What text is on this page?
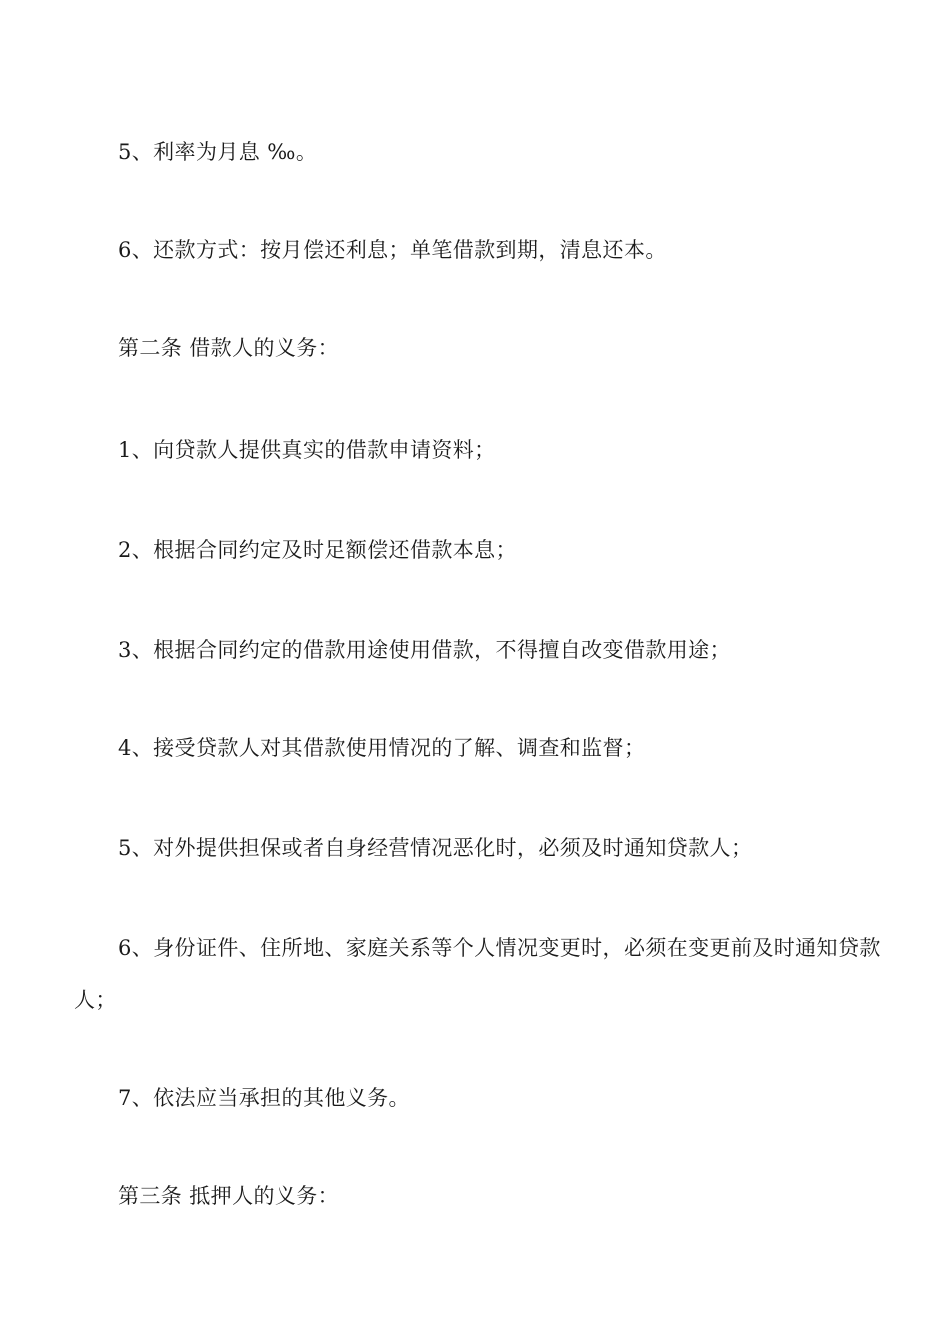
5、利率为月息 ‰。

6、还款方式：按月偿还利息；单笔借款到期，清息还本。

第二条 借款人的义务：

1、向贷款人提供真实的借款申请资料；

2、根据合同约定及时足额偿还借款本息；

3、根据合同约定的借款用途使用借款，不得擅自改变借款用途；

4、接受贷款人对其借款使用情况的了解、调查和监督；

5、对外提供担保或者自身经营情况恶化时，必须及时通知贷款人；

6、身份证件、住所地、家庭关系等个人情况变更时，必须在变更前及时通知贷款人；

7、依法应当承担的其他义务。

第三条 抵押人的义务：
